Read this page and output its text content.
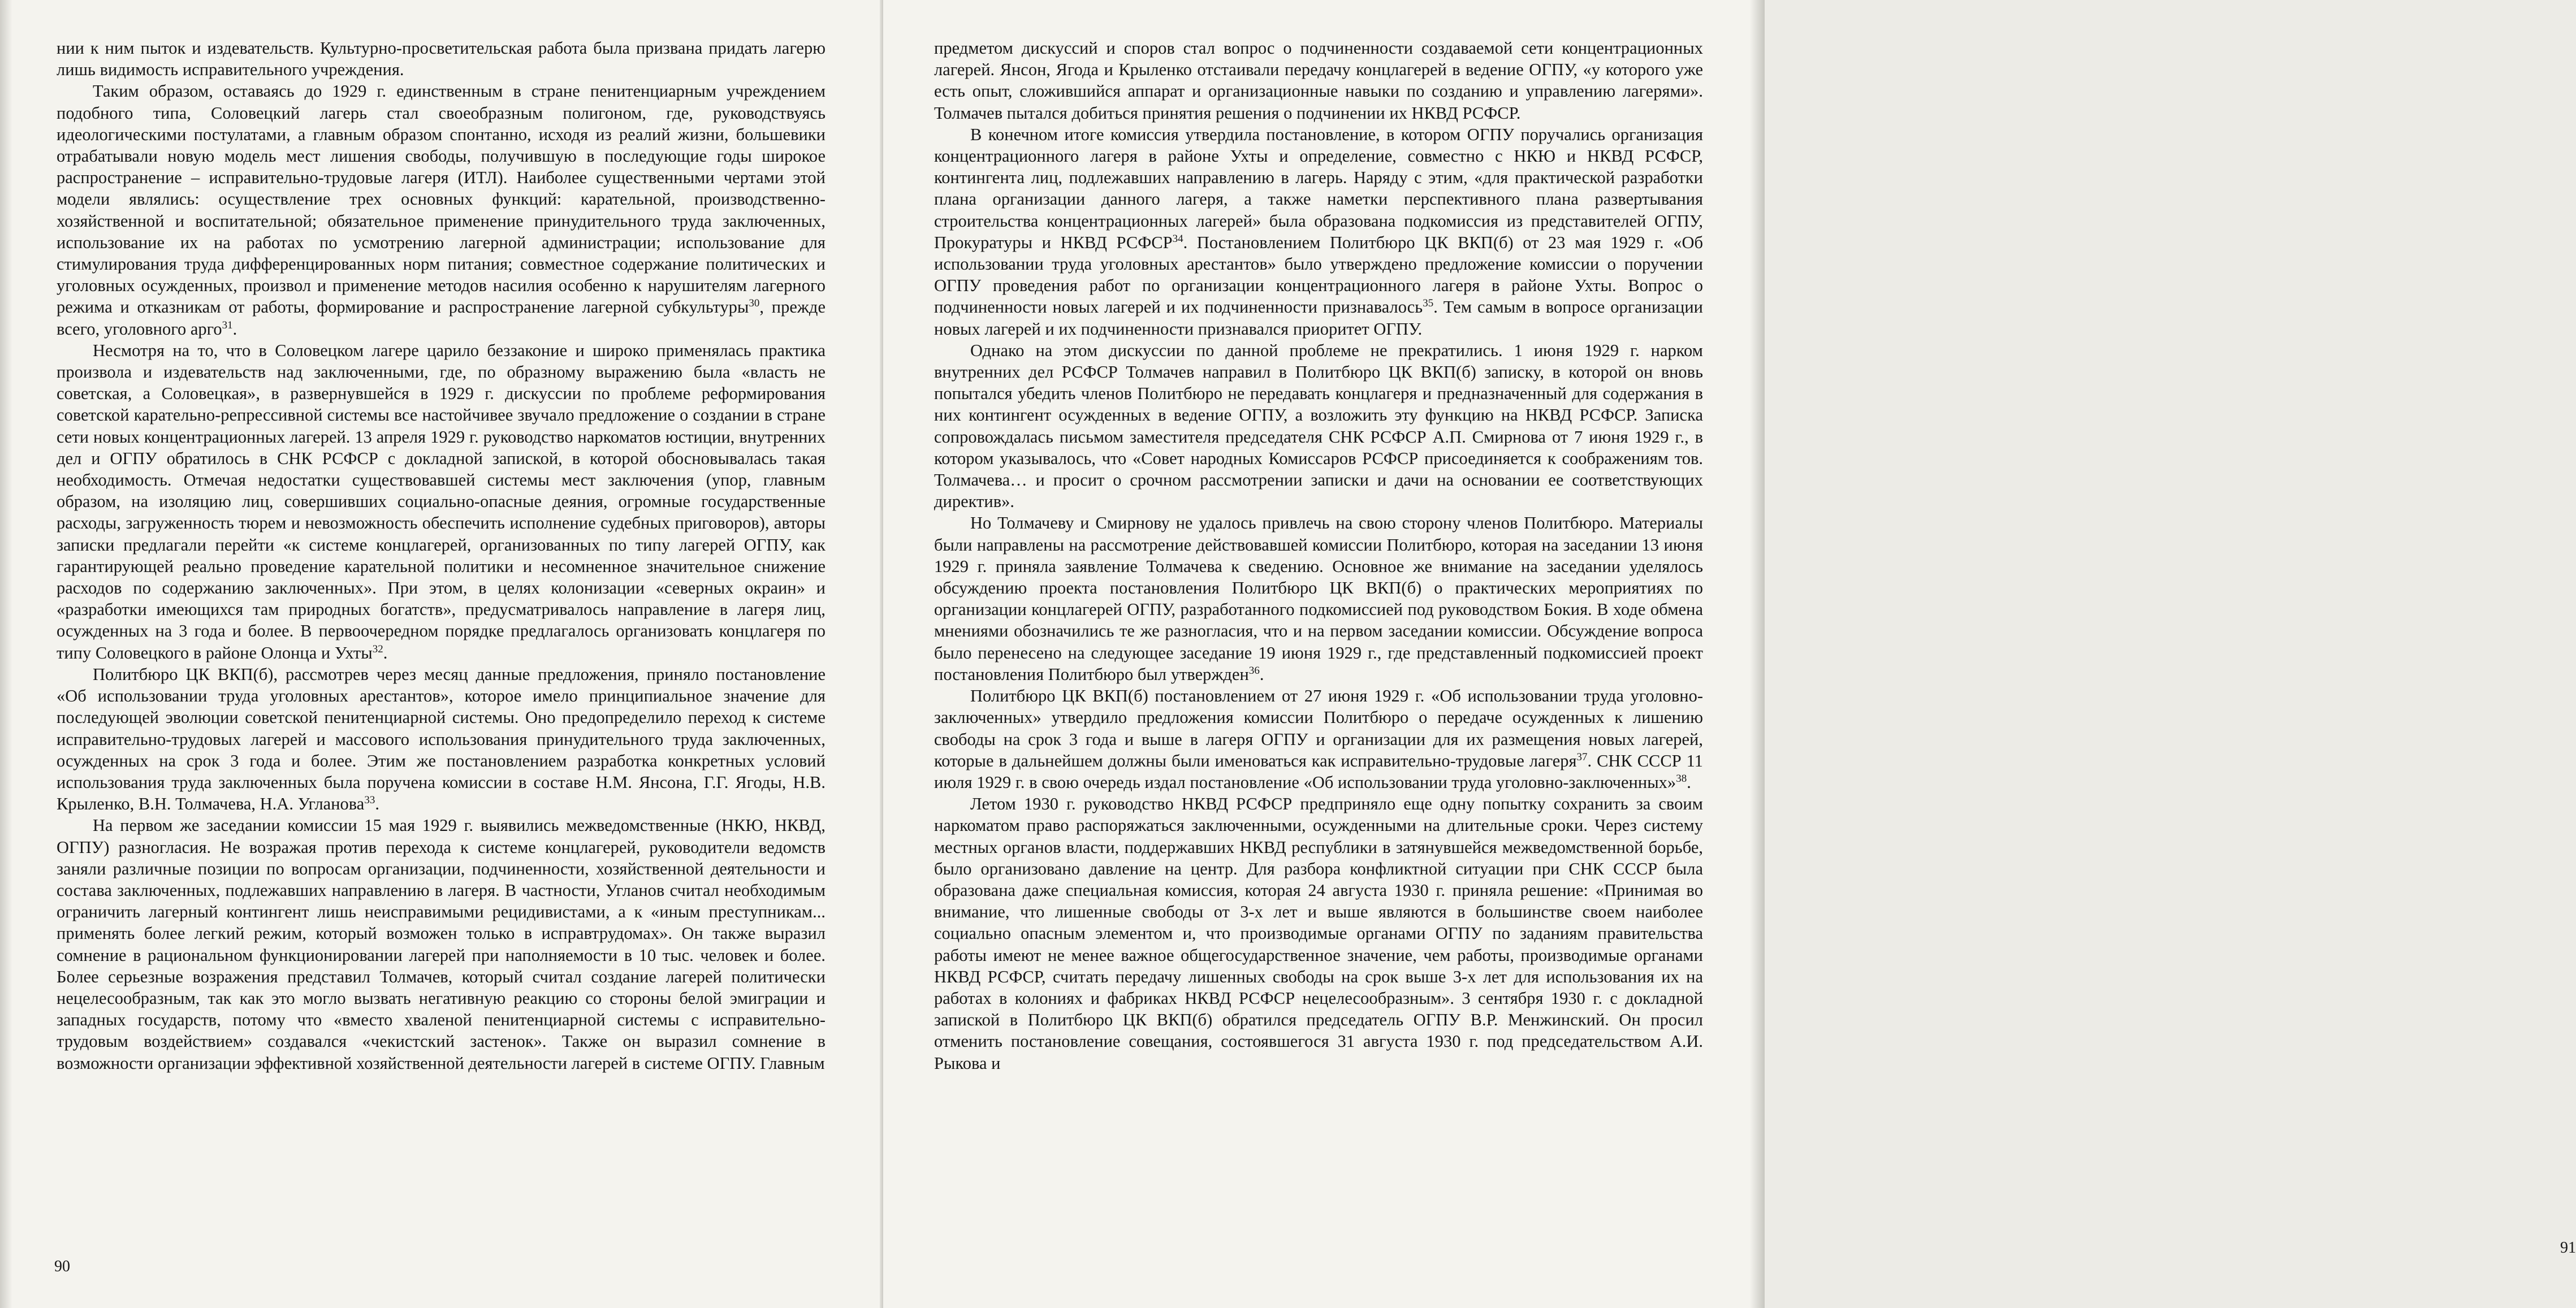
нии к ним пыток и издевательств. Культурно-просветительская работа была призвана придать лагерю лишь видимость исправительного учреждения.

Таким образом, оставаясь до 1929 г. единственным в стране пенитенциарным учреждением подобного типа, Соловецкий лагерь стал своеобразным полигоном, где, руководствуясь идеологическими постулатами, а главным образом спонтанно, исходя из реалий жизни, большевики отрабатывали новую модель мест лишения свободы, получившую в последующие годы широкое распространение – исправительно-трудовые лагеря (ИТЛ). Наиболее существенными чертами этой модели являлись: осуществление трех основных функций: карательной, производственно-хозяйственной и воспитательной; обязательное применение принудительного труда заключенных, использование их на работах по усмотрению лагерной администрации; использование для стимулирования труда дифференцированных норм питания; совместное содержание политических и уголовных осужденных, произвол и применение методов насилия особенно к нарушителям лагерного режима и отказникам от работы, формирование и распространение лагерной субкультуры$^{30}$, прежде всего, уголовного арго$^{31}$.

Несмотря на то, что в Соловецком лагере царило беззаконие и широко применялась практика произвола и издевательств над заключенными, где, по образному выражению была «власть не советская, а Соловецкая», в развернувшейся в 1929 г. дискуссии по проблеме реформирования советской карательно-репрессивной системы все настойчивее звучало предложение о создании в стране сети новых концентрационных лагерей. 13 апреля 1929 г. руководство наркоматов юстиции, внутренних дел и ОГПУ обратилось в СНК РСФСР с докладной запиской, в которой обосновывалась такая необходимость. Отмечая недостатки существовавшей системы мест заключения (упор, главным образом, на изоляцию лиц, совершивших социально-опасные деяния, огромные государственные расходы, загруженность тюрем и невозможность обеспечить исполнение судебных приговоров), авторы записки предлагали перейти «к системе концлагерей, организованных по типу лагерей ОГПУ, как гарантирующей реально проведение карательной политики и несомненное значительное снижение расходов по содержанию заключенных». При этом, в целях колонизации «северных окраин» и «разработки имеющихся там природных богатств», предусматривалось направление в лагеря лиц, осужденных на 3 года и более. В первоочередном порядке предлагалось организовать концлагеря по типу Соловецкого в районе Олонца и Ухты$^{32}$.

Политбюро ЦК ВКП(б), рассмотрев через месяц данные предложения, приняло постановление «Об использовании труда уголовных арестантов», которое имело принципиальное значение для последующей эволюции советской пенитенциарной системы. Оно предопределило переход к системе исправительно-трудовых лагерей и массового использования принудительного труда заключенных, осужденных на срок 3 года и более. Этим же постановлением разработка конкретных условий использования труда заключенных была поручена комиссии в составе Н.М. Янсона, Г.Г. Ягоды, Н.В. Крыленко, В.Н. Толмачева, Н.А. Угланова$^{33}$.

На первом же заседании комиссии 15 мая 1929 г. выявились межведомственные (НКЮ, НКВД, ОГПУ) разногласия. Не возражая против перехода к системе концлагерей, руководители ведомств заняли различные позиции по вопросам организации, подчиненности, хозяйственной деятельности и состава заключенных, подлежавших направлению в лагеря. В частности, Угланов считал необходимым ограничить лагерный контингент лишь неисправимыми рецидивистами, а к «иным преступникам... применять более легкий режим, который возможен только в исправтрудомах». Он также выразил сомнение в рациональном функционировании лагерей при наполняемости в 10 тыс. человек и более. Более серьезные возражения представил Толмачев, который считал создание лагерей политически нецелесообразным, так как это могло вызвать негативную реакцию со стороны белой эмиграции и западных государств, потому что «вместо хваленой пенитенциарной системы с исправительно-трудовым воздействием» создавался «чекистский застенок». Также он выразил сомнение в возможности организации эффективной хозяйственной деятельности лагерей в системе ОГПУ. Главным

90
91

предметом дискуссий и споров стал вопрос о подчиненности создаваемой сети концентрационных лагерей. Янсон, Ягода и Крыленко отстаивали передачу концлагерей в ведение ОГПУ, «у которого уже есть опыт, сложившийся аппарат и организационные навыки по созданию и управлению лагерями». Толмачев пытался добиться принятия решения о подчинении их НКВД РСФСР.

В конечном итоге комиссия утвердила постановление, в котором ОГПУ поручались организация концентрационного лагеря в районе Ухты и определение, совместно с НКЮ и НКВД РСФСР, контингента лиц, подлежавших направлению в лагерь. Наряду с этим, «для практической разработки плана организации данного лагеря, а также наметки перспективного плана развертывания строительства концентрационных лагерей» была образована подкомиссия из представителей ОГПУ, Прокуратуры и НКВД РСФСР$^{34}$. Постановлением Политбюро ЦК ВКП(б) от 23 мая 1929 г. «Об использовании труда уголовных арестантов» было утверждено предложение комиссии о поручении ОГПУ проведения работ по организации концентрационного лагеря в районе Ухты. Вопрос о подчиненности новых лагерей и их подчиненности признавалось$^{35}$. Тем самым в вопросе организации новых лагерей и их подчиненности признавался приоритет ОГПУ.

Однако на этом дискуссии по данной проблеме не прекратились. 1 июня 1929 г. нарком внутренних дел РСФСР Толмачев направил в Политбюро ЦК ВКП(б) записку, в которой он вновь попытался убедить членов Политбюро не передавать концлагеря и предназначенный для содержания в них контингент осужденных в ведение ОГПУ, а возложить эту функцию на НКВД РСФСР. Записка сопровождалась письмом заместителя председателя СНК РСФСР А.П. Смирнова от 7 июня 1929 г., в котором указывалось, что «Совет народных Комиссаров РСФСР присоединяется к соображениям тов. Толмачева… и просит о срочном рассмотрении записки и дачи на основании ее соответствующих директив».

Но Толмачеву и Смирнову не удалось привлечь на свою сторону членов Политбюро. Материалы были направлены на рассмотрение действовавшей комиссии Политбюро, которая на заседании 13 июня 1929 г. приняла заявление Толмачева к сведению. Основное же внимание на заседании уделялось обсуждению проекта постановления Политбюро ЦК ВКП(б) о практических мероприятиях по организации концлагерей ОГПУ, разработанного подкомиссией под руководством Бокия. В ходе обмена мнениями обозначились те же разногласия, что и на первом заседании комиссии. Обсуждение вопроса было перенесено на следующее заседание 19 июня 1929 г., где представленный подкомиссией проект постановления Политбюро был утвержден$^{36}$.

Политбюро ЦК ВКП(б) постановлением от 27 июня 1929 г. «Об использовании труда уголовно-заключенных» утвердило предложения комиссии Политбюро о передаче осужденных к лишению свободы на срок 3 года и выше в лагеря ОГПУ и организации для их размещения новых лагерей, которые в дальнейшем должны были именоваться как исправительно-трудовые лагеря$^{37}$. СНК СССР 11 июля 1929 г. в свою очередь издал постановление «Об использовании труда уголовно-заключенных»$^{38}$.

Летом 1930 г. руководство НКВД РСФСР предприняло еще одну попытку сохранить за своим наркоматом право распоряжаться заключенными, осужденными на длительные сроки. Через систему местных органов власти, поддержавших НКВД республики в затянувшейся межведомственной борьбе, было организовано давление на центр. Для разбора конфликтной ситуации при СНК СССР была образована даже специальная комиссия, которая 24 августа 1930 г. приняла решение: «Принимая во внимание, что лишенные свободы от 3-х лет и выше являются в большинстве своем наиболее социально опасным элементом и, что производимые органами ОГПУ по заданиям правительства работы имеют не менее важное общегосударственное значение, чем работы, производимые органами НКВД РСФСР, считать передачу лишенных свободы на срок выше 3-х лет для использования их на работах в колониях и фабриках НКВД РСФСР нецелесообразным». 3 сентября 1930 г. с докладной запиской в Политбюро ЦК ВКП(б) обратился председатель ОГПУ В.Р. Менжинский. Он просил отменить постановление совещания, состоявшегося 31 августа 1930 г. под председательством А.И. Рыкова и
